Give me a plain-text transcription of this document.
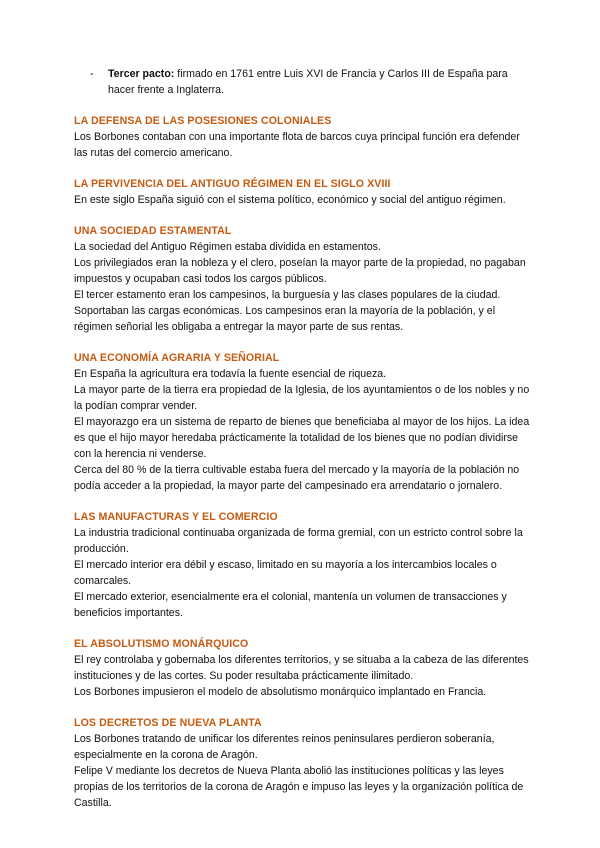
- Tercer pacto: firmado en 1761 entre Luis XVI de Francia y Carlos III de España para hacer frente a Inglaterra.
LA DEFENSA DE LAS POSESIONES COLONIALES
Los Borbones contaban con una importante flota de barcos cuya principal función era defender las rutas del comercio americano.
LA PERVIVENCIA DEL ANTIGUO RÉGIMEN EN EL SIGLO XVIII
En este siglo España siguió con el sistema político, económico y social del antiguo régimen.
UNA SOCIEDAD ESTAMENTAL
La sociedad del Antiguo Régimen estaba dividida en estamentos.
Los privilegiados eran la nobleza y el clero, poseían la mayor parte de la propiedad, no pagaban impuestos y ocupaban casi todos los cargos públicos.
El tercer estamento eran los campesinos, la burguesía y las clases populares de la ciudad. Soportaban las cargas económicas. Los campesinos eran la mayoría de la población, y el régimen señorial les obligaba a entregar la mayor parte de sus rentas.
UNA ECONOMÍA AGRARIA Y SEÑORIAL
En España la agricultura era todavía la fuente esencial de riqueza.
La mayor parte de la tierra era propiedad de la Iglesia, de los ayuntamientos o de los nobles y no la podían comprar vender.
El mayorazgo era un sistema de reparto de bienes que beneficiaba al mayor de los hijos. La idea es que el hijo mayor heredaba prácticamente la totalidad de los bienes que no podían dividirse con la herencia ni venderse.
Cerca del 80 % de la tierra cultivable estaba fuera del mercado y la mayoría de la población no podía acceder a la propiedad, la mayor parte del campesinado era arrendatario o jornalero.
LAS MANUFACTURAS Y EL COMERCIO
La industria tradicional continuaba organizada de forma gremial, con un estricto control sobre la producción.
El mercado interior era débil y escaso, limitado en su mayoría a los intercambios locales o comarcales.
El mercado exterior, esencialmente era el colonial, mantenía un volumen de transacciones y beneficios importantes.
EL ABSOLUTISMO MONÁRQUICO
El rey controlaba y gobernaba los diferentes territorios, y se situaba a la cabeza de las diferentes instituciones y de las cortes. Su poder resultaba prácticamente ilimitado.
Los Borbones impusieron el modelo de absolutismo monárquico implantado en Francia.
LOS DECRETOS DE NUEVA PLANTA
Los Borbones tratando de unificar los diferentes reinos peninsulares perdieron soberanía, especialmente en la corona de Aragón.
Felipe V mediante los decretos de Nueva Planta abolió las instituciones políticas y las leyes propias de los territorios de la corona de Aragón e impuso las leyes y la organización política de Castilla.
